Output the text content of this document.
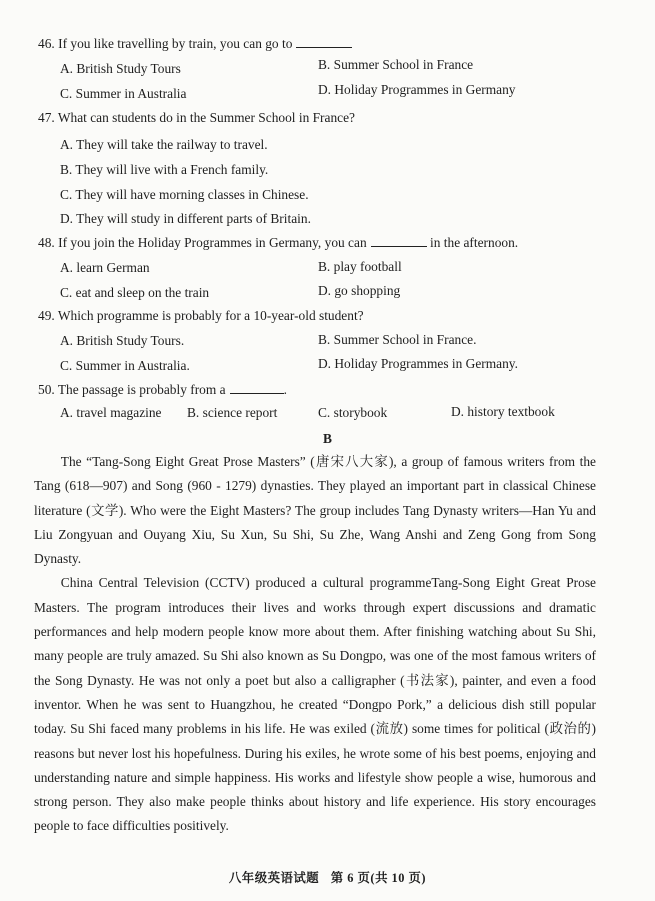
46. If you like travelling by train, you can go to
A. British Study Tours	B. Summer School in France
C. Summer in Australia	D. Holiday Programmes in Germany
47. What can students do in the Summer School in France?
A. They will take the railway to travel.
B. They will live with a French family.
C. They will have morning classes in Chinese.
D. They will study in different parts of Britain.
48. If you join the Holiday Programmes in Germany, you can	in the afternoon.
A. learn German	B. play football
C. eat and sleep on the train	D. go shopping
49. Which programme is probably for a 10-year-old student?
A. British Study Tours.	B. Summer School in France.
C. Summer in Australia.	D. Holiday Programmes in Germany.
50. The passage is probably from a	.
A. travel magazine B. science report	C. storybook	D. history textbook
B

The “Tang-Song Eight Great Prose Masters” (唐宋八大家), a group of famous writers from the Tang (618—907) and Song (960 - 1279) dynasties. They played an important part in classical Chinese literature (文学). Who were the Eight Masters? The group includes Tang Dynasty writers—Han Yu and Liu Zongyuan and Ouyang Xiu, Su Xun, Su Shi, Su Zhe, Wang Anshi and Zeng Gong from Song Dynasty.

China Central Television (CCTV) produced a cultural programmeTang-Song Eight Great Prose Masters. The program introduces their lives and works through expert discussions and dramatic performances and help modern people know more about them. After finishing watching about Su Shi, many people are truly amazed. Su Shi also known as Su Dongpo, was one of the most famous writers of the Song Dynasty. He was not only a poet but also a calligrapher (书法家), painter, and even a food inventor. When he was sent to Huangzhou, he created “Dongpo Pork,” a delicious dish still popular today. Su Shi faced many problems in his life. He was exiled (流放) some times for political (政治的) reasons but never lost his hopefulness. During his exiles, he wrote some of his best poems, enjoying and understanding nature and simple happiness. His works and lifestyle show people a wise, humorous and strong person. They also make people thinks about history and life experience. His story encourages people to face difficulties positively.

八年级英语试题 第 6 页(共 10 页)
